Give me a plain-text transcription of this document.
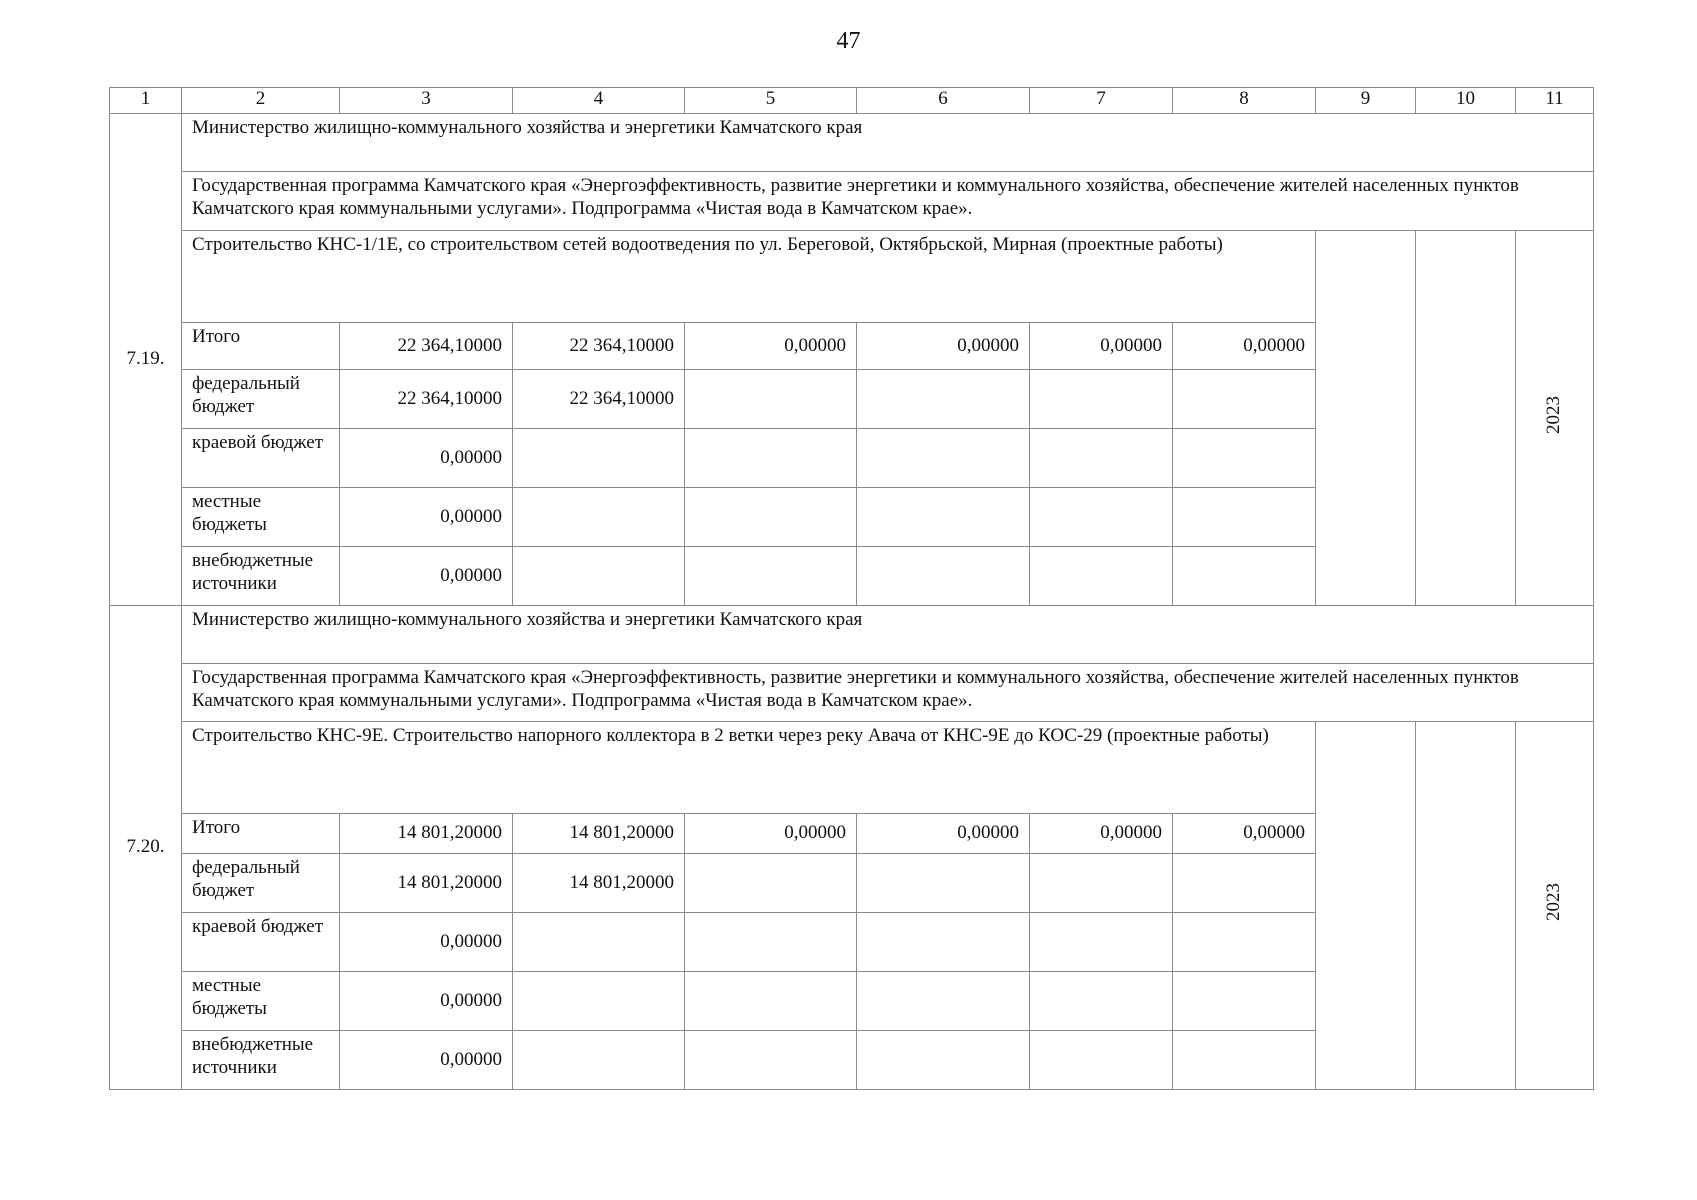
47
1	2	3	4	5	6	7	8	9	10	11
7.19.	Министерство жилищно-коммунального хозяйства и энергетики Камчатского края									
	Государственная программа Камчатского края «Энергоэффективность, развитие энергетики и коммунального хозяйства, обеспечение жителей населенных пунктов Камчатского края коммунальными услугами». Подпрограмма «Чистая вода в Камчатском крае».									
	Строительство КНС-1/1Е, со строительством сетей водоотведения по ул. Береговой, Октябрьской, Мирная (проектные работы)									2023
	Итого	22 364,10000	22 364,10000	0,00000	0,00000	0,00000	0,00000			
	федеральный бюджет	22 364,10000	22 364,10000							
	краевой бюджет	0,00000								
	местные бюджеты	0,00000								
	внебюджетные источники	0,00000								
7.20.	Министерство жилищно-коммунального хозяйства и энергетики Камчатского края									
	Государственная программа Камчатского края «Энергоэффективность, развитие энергетики и коммунального хозяйства, обеспечение жителей населенных пунктов Камчатского края коммунальными услугами». Подпрограмма «Чистая вода в Камчатском крае».									
	Строительство КНС-9Е. Строительство напорного коллектора в 2 ветки через реку Авача от КНС-9Е до КОС-29 (проектные работы)									2023
	Итого	14 801,20000	14 801,20000	0,00000	0,00000	0,00000	0,00000			
	федеральный бюджет	14 801,20000	14 801,20000							
	краевой бюджет	0,00000								
	местные бюджеты	0,00000								
	внебюджетные источники	0,00000								
